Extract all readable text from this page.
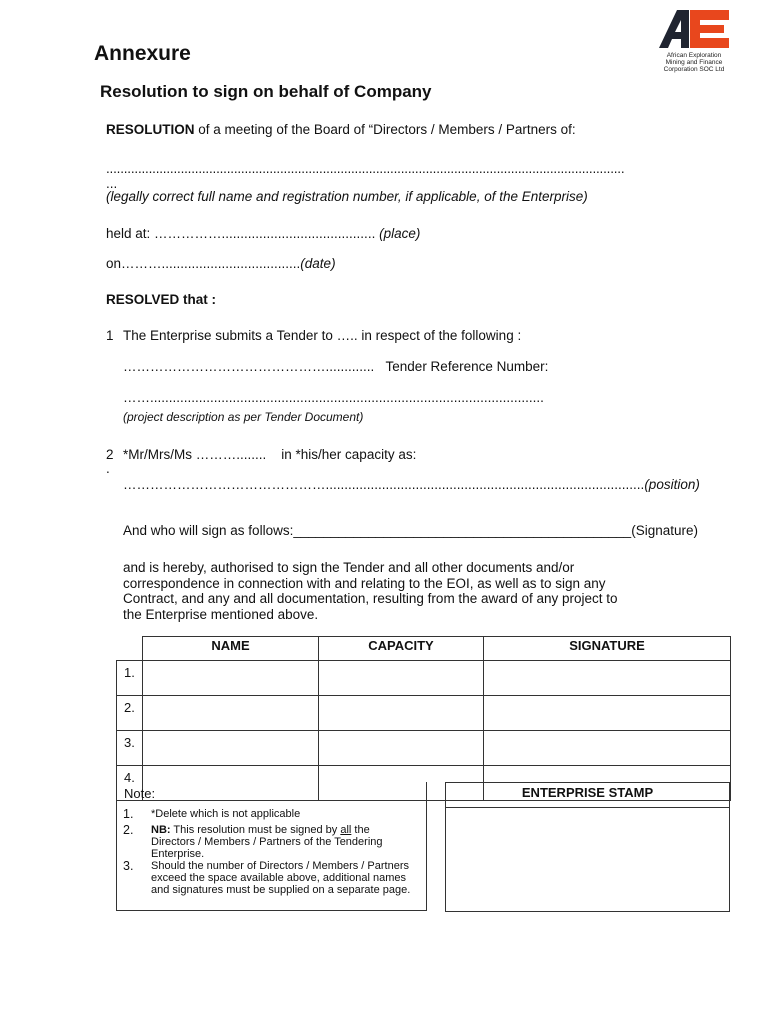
African Exploration
Mining and Finance
Corporation SOC Ltd
Annexure
Resolution to sign on behalf of Company
RESOLUTION of a meeting of the Board of “Directors / Members / Partners of:
..................................................................................................................................................
...
(legally correct full name and registration number, if applicable, of the Enterprise)
held at: ……………......................................... (place)
on……….....................................(date)
RESOLVED that :
1 The Enterprise submits a Tender to ….. in respect of the following :
………………………………………............. Tender Reference Number:
…….........................................................................................................
(project description as per Tender Document)
2 *Mr/Mrs/Ms ………........ in *his/her capacity as:
.
……………………………………….....................................................................................(position)
And who will sign as follows:_____________________________________________(Signature)
and is hereby, authorised to sign the Tender and all other documents and/or
correspondence in connection with and relating to the EOI, as well as to sign any
Contract, and any and all documentation, resulting from the award of any project to
the Enterprise mentioned above.
	NAME	CAPACITY	SIGNATURE
1.			
2.			
3.			
4.			
Note:
1. *Delete which is not applicable
2. NB: This resolution must be signed by all the Directors / Members / Partners of the Tendering Enterprise.
3. Should the number of Directors / Members / Partners exceed the space available above, additional names and signatures must be supplied on a separate page.
ENTERPRISE STAMP
